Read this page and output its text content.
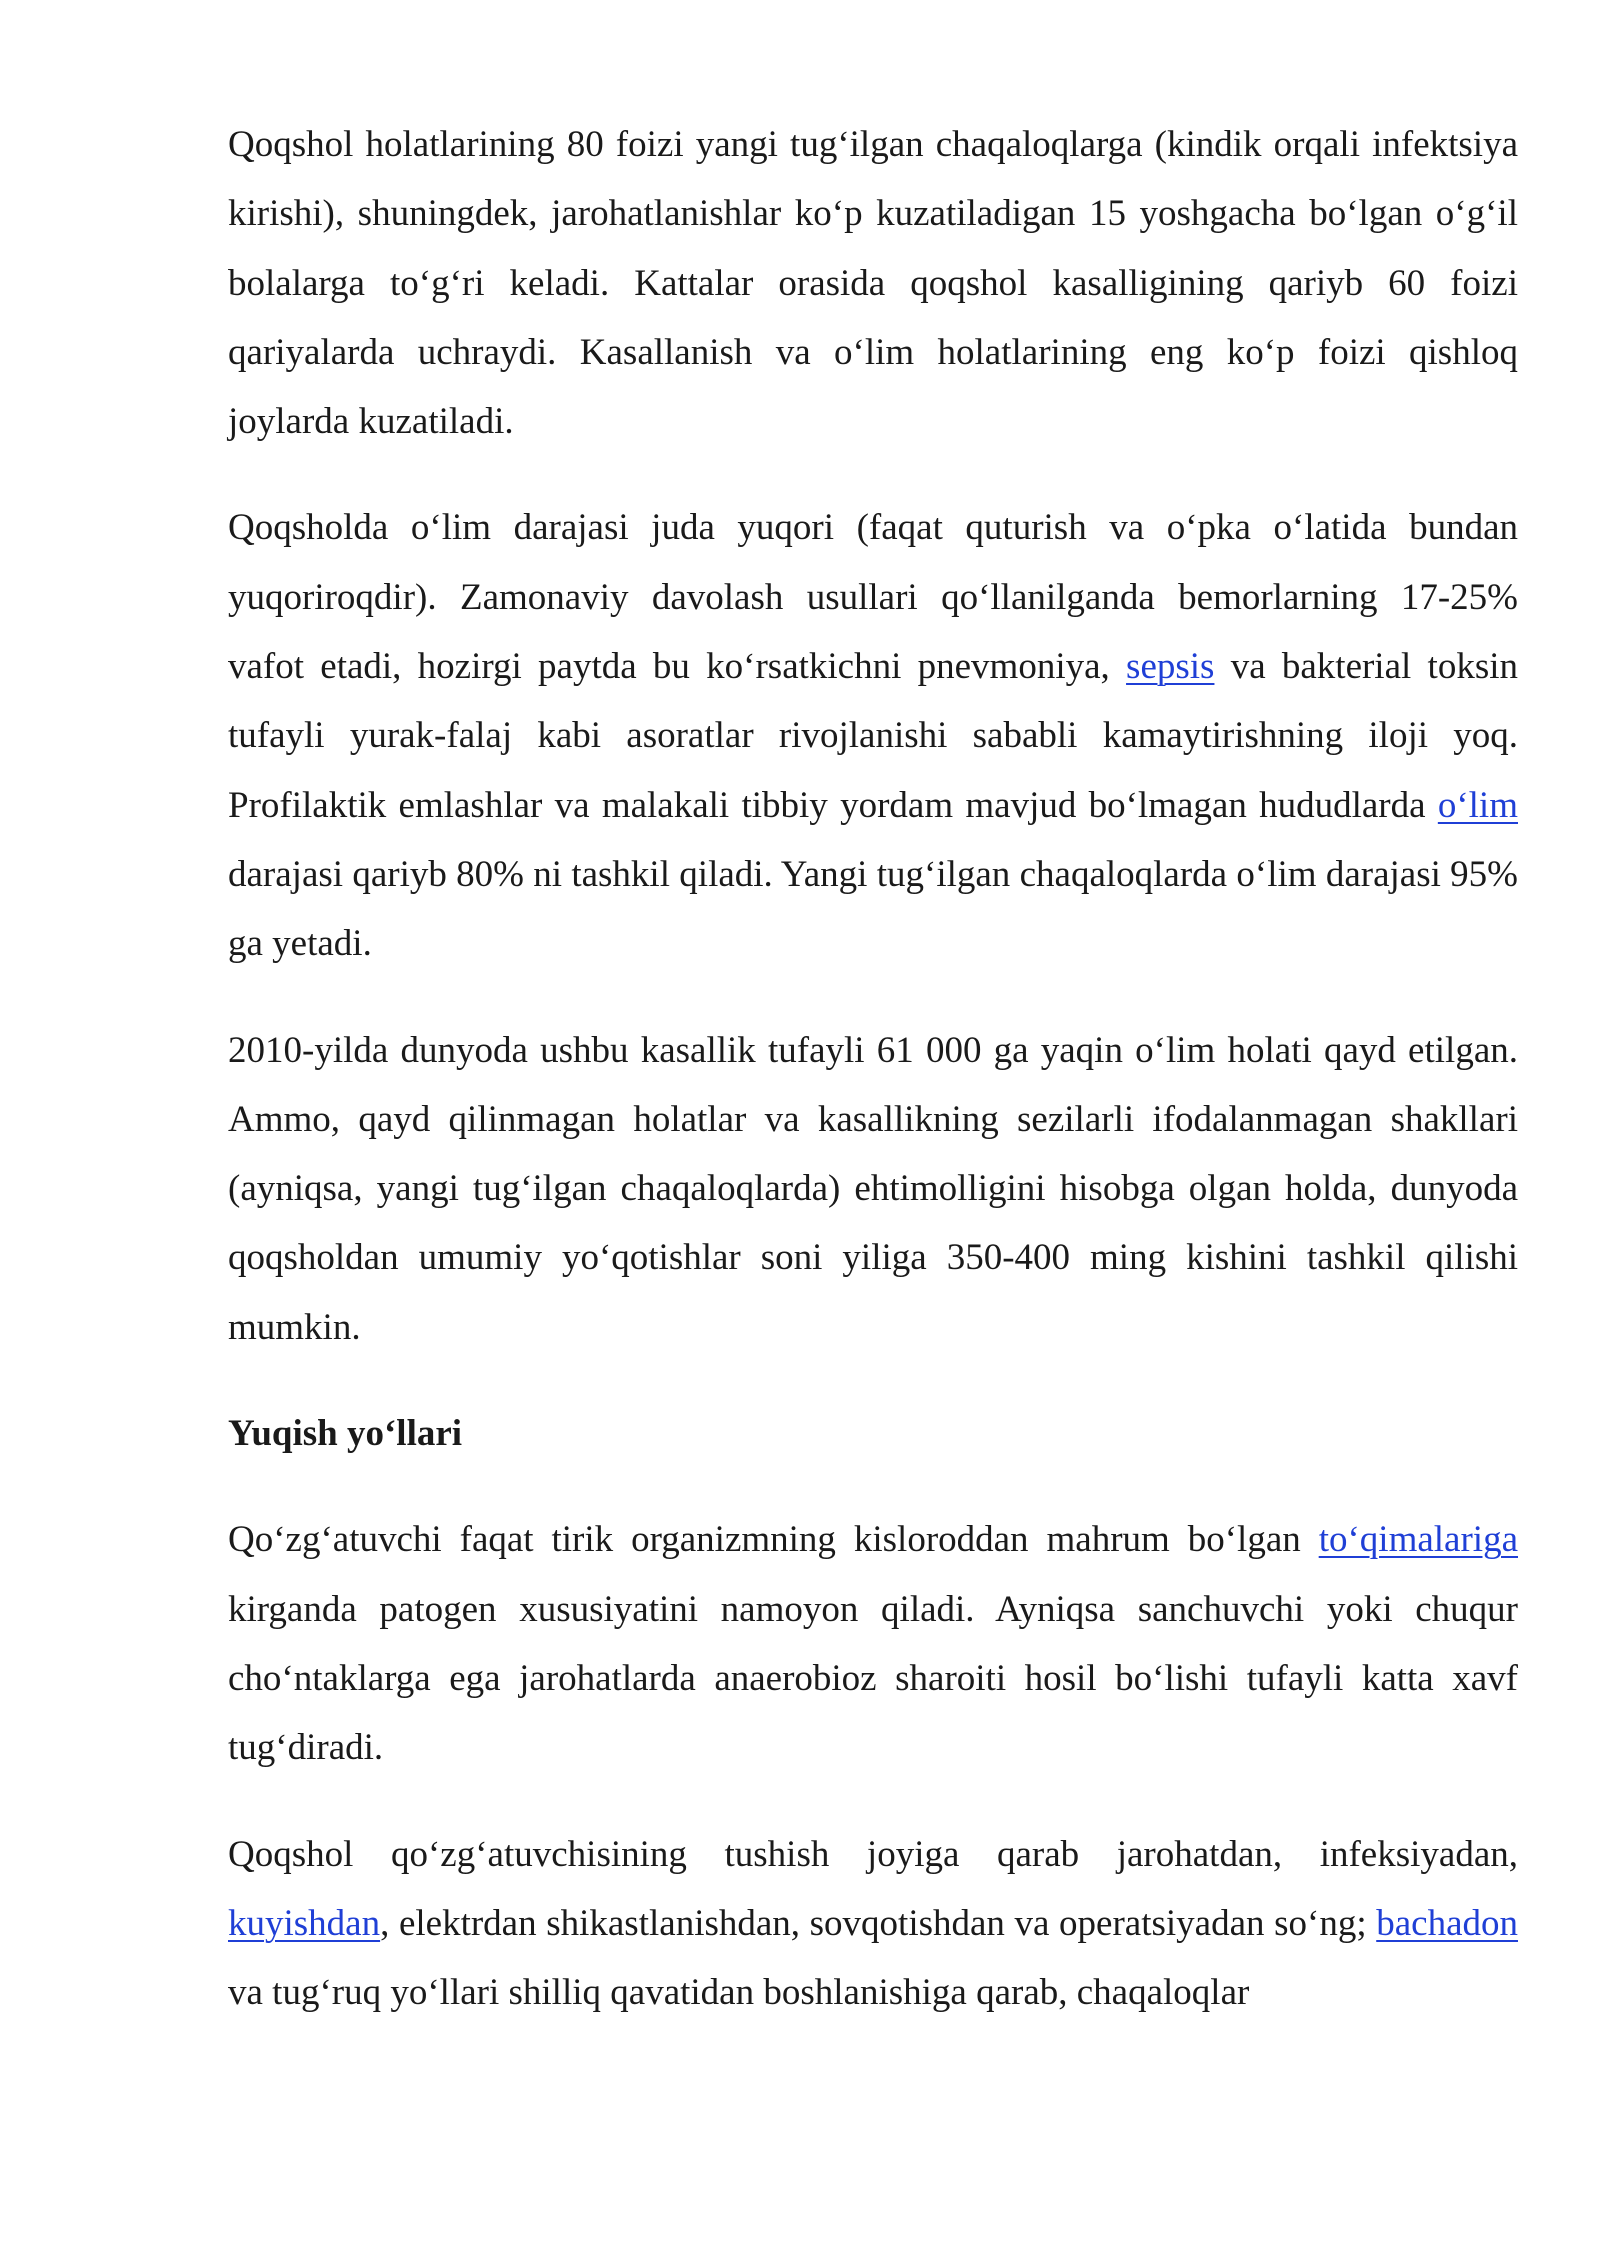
Qoqshol holatlarining 80 foizi yangi tug‘ilgan chaqaloqlarga (kindik orqali infektsiya kirishi), shuningdek, jarohatlanishlar ko‘p kuzatiladigan 15 yoshgacha bo‘lgan o‘g‘il bolalarga to‘g‘ri keladi. Kattalar orasida qoqshol kasalligining qariyb 60 foizi qariyalarda uchraydi. Kasallanish va o‘lim holatlarining eng ko‘p foizi qishloq joylarda kuzatiladi.

Qoqsholda o‘lim darajasi juda yuqori (faqat quturish va o‘pka o‘latida bundan yuqoriroqdir). Zamonaviy davolash usullari qo‘llanilganda bemorlarning 17-25% vafot etadi, hozirgi paytda bu ko‘rsatkichni pnevmoniya, sepsis va bakterial toksin tufayli yurak-falaj kabi asoratlar rivojlanishi sababli kamaytirishning iloji yoq. Profilaktik emlashlar va malakali tibbiy yordam mavjud bo‘lmagan hududlarda o‘lim darajasi qariyb 80% ni tashkil qiladi. Yangi tug‘ilgan chaqaloqlarda o‘lim darajasi 95% ga yetadi.

2010-yilda dunyoda ushbu kasallik tufayli 61 000 ga yaqin o‘lim holati qayd etilgan. Ammo, qayd qilinmagan holatlar va kasallikning sezilarli ifodalanmagan shakllari (ayniqsa, yangi tug‘ilgan chaqaloqlarda) ehtimolligini hisobga olgan holda, dunyoda qoqsholdan umumiy yo‘qotishlar soni yiliga 350-400 ming kishini tashkil qilishi mumkin.

Yuqish yo‘llari

Qo‘zg‘atuvchi faqat tirik organizmning kisloroddan mahrum bo‘lgan to‘qimalariga kirganda patogen xususiyatini namoyon qiladi. Ayniqsa sanchuvchi yoki chuqur cho‘ntaklarga ega jarohatlarda anaerobioz sharoiti hosil bo‘lishi tufayli katta xavf tug‘diradi.

Qoqshol qo‘zg‘atuvchisining tushish joyiga qarab jarohatdan, infeksiyadan, kuyishdan, elektrdan shikastlanishdan, sovqotishdan va operatsiyadan so‘ng; bachadon va tug‘ruq yo‘llari shilliq qavatidan boshlanishiga qarab, chaqaloqlar
